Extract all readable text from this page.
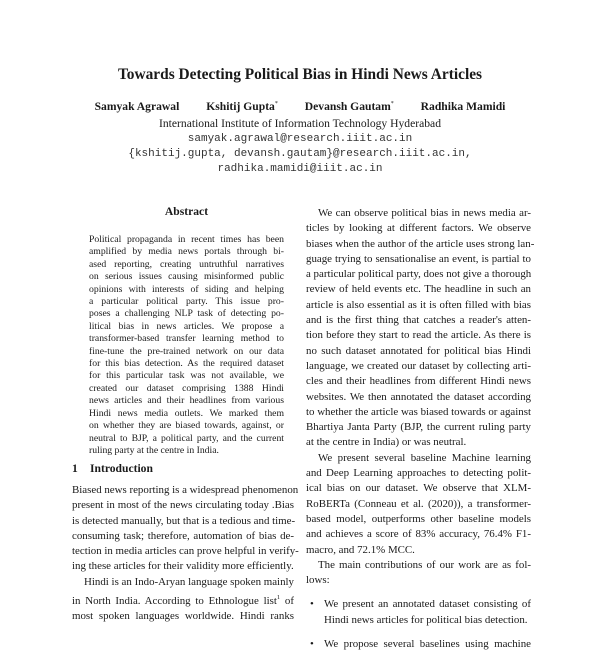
Towards Detecting Political Bias in Hindi News Articles
Samyak Agrawal Kshitij Gupta* Devansh Gautam* Radhika Mamidi
International Institute of Information Technology Hyderabad
samyak.agrawal@research.iiit.ac.in
{kshitij.gupta, devansh.gautam}@research.iiit.ac.in,
radhika.mamidi@iiit.ac.in
Abstract
Political propaganda in recent times has been
amplified by media news portals through bi-
ased reporting, creating untruthful narratives
on serious issues causing misinformed public
opinions with interests of siding and helping
a particular political party. This issue pro-
poses a challenging NLP task of detecting po-
litical bias in news articles. We propose a
transformer-based transfer learning method to
fine-tune the pre-trained network on our data
for this bias detection. As the required dataset
for this particular task was not available, we
created our dataset comprising 1388 Hindi
news articles and their headlines from various
Hindi news media outlets. We marked them
on whether they are biased towards, against, or
neutral to BJP, a political party, and the current
ruling party at the centre in India.
1 Introduction
Biased news reporting is a widespread phenomenon
present in most of the news circulating today .Bias
is detected manually, but that is a tedious and time-
consuming task; therefore, automation of bias de-
tection in media articles can prove helpful in verify-
ing these articles for their validity more efficiently.
Hindi is an Indo-Aryan language spoken mainly
in North India. According to Ethnologue list$^1$ of
most spoken languages worldwide. Hindi ranks
We can observe political bias in news media ar-
ticles by looking at different factors. We observe
biases when the author of the article uses strong lan-
guage trying to sensationalise an event, is partial to
a particular political party, does not give a thorough
review of held events etc. The headline in such an
article is also essential as it is often filled with bias
and is the first thing that catches a reader's atten-
tion before they start to read the article. As there is
no such dataset annotated for political bias Hindi
language, we created our dataset by collecting arti-
cles and their headlines from different Hindi news
websites. We then annotated the dataset according
to whether the article was biased towards or against
Bhartiya Janta Party (BJP, the current ruling party
at the centre in India) or was neutral.
We present several baseline Machine learning
and Deep Learning approaches to detecting polit-
ical bias on our dataset. We observe that XLM-
RoBERTa (Conneau et al. (2020)), a transformer-
based model, outperforms other baseline models
and achieves a score of 83% accuracy, 76.4% F1-
macro, and 72.1% MCC.
The main contributions of our work are as fol-
lows:
• We present an annotated dataset consisting of
Hindi news articles for political bias detection.
• We propose several baselines using machine
